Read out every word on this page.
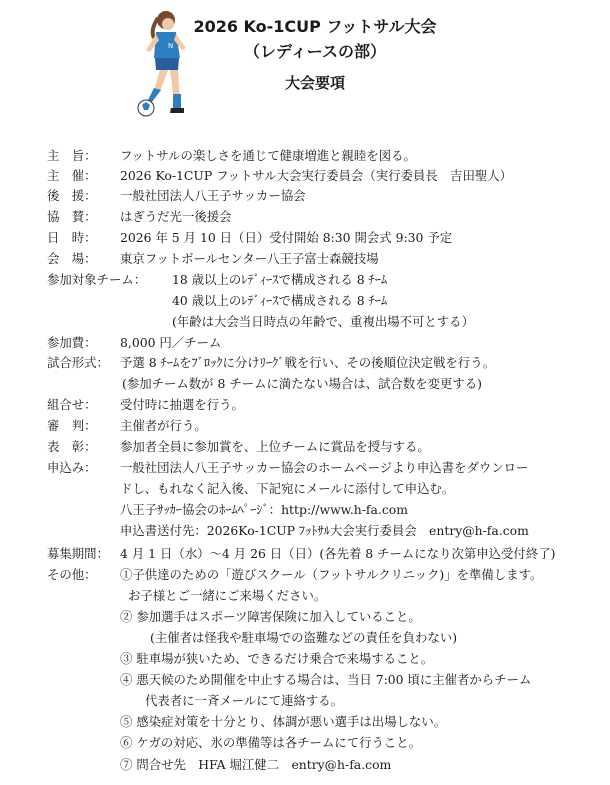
2026 Ko-1CUP フットサル大会
（レディースの部）
大会要項
N
主　旨： フットサルの楽しさを通じて健康増進と親睦を図る。
主　催： 2026 Ko-1CUP フットサル大会実行委員会（実行委員長　吉田聖人）
後　援： 一般社団法人八王子サッカー協会
協　賛： はぎうだ光一後援会
日　時： 2026 年 5 月 10 日（日）受付開始 8:30 開会式 9:30 予定
会　場： 東京フットボールセンター八王子富士森競技場
参加対象チーム： 18 歳以上のﾚﾃﾞｨｰｽで構成される 8 ﾁｰﾑ
40 歳以上のﾚﾃﾞｨｰｽで構成される 8 ﾁｰﾑ
(年齢は大会当日時点の年齢で、重複出場不可とする）
参加費： 8,000 円／チーム
試合形式： 予選 8 ﾁｰﾑをﾌﾞﾛｯｸに分けﾘｰｸﾞ戦を行い、その後順位決定戦を行う。
(参加チーム数が 8 チームに満たない場合は、試合数を変更する)
組合せ： 受付時に抽選を行う。
審　判： 主催者が行う。
表　彰： 参加者全員に参加賞を、上位チームに賞品を授与する。
申込み： 一般社団法人八王子サッカー協会のホームページより申込書をダウンロー
ドし、もれなく記入後、下記宛にメールに添付して申込む。
八王子ｻｯｶｰ協会のﾎｰﾑﾍﾟｰｼﾞ：http://www.h-fa.com
申込書送付先：2026Ko-1CUP ﾌｯﾄｻﾙ大会実行委員会　entry@h-fa.com
募集期間： 4 月 1 日（水）～4 月 26 日（日）(各先着 8 チームになり次第申込受付終了)
その他： ①子供達のための「遊びスクール（フットサルクリニック)」を準備します。
お子様とご一緒にご来場ください。
② 参加選手はスポーツ障害保険に加入していること。
(主催者は怪我や駐車場での盗難などの責任を負わない)
③ 駐車場が狭いため、できるだけ乗合で来場すること。
④ 悪天候のため開催を中止する場合は、当日 7:00 頃に主催者からチーム
代表者に一斉メールにて連絡する。
⑤ 感染症対策を十分とり、体調が悪い選手は出場しない。
⑥ ケガの対応、氷の準備等は各チームにて行うこと。
⑦ 問合せ先　HFA 堀江健二　entry@h-fa.com
